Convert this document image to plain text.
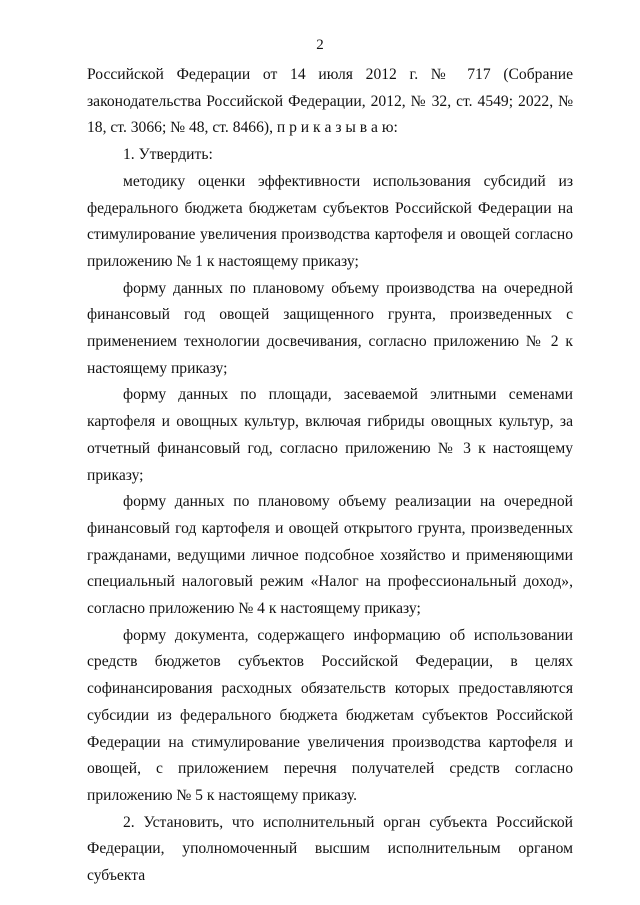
2

Российской Федерации от 14 июля 2012 г. № 717 (Собрание законодательства Российской Федерации, 2012, № 32, ст. 4549; 2022, № 18, ст. 3066; № 48, ст. 8466), п р и к а з ы в а ю:

1. Утвердить:

методику оценки эффективности использования субсидий из федерального бюджета бюджетам субъектов Российской Федерации на стимулирование увеличения производства картофеля и овощей согласно приложению № 1 к настоящему приказу;

форму данных по плановому объему производства на очередной финансовый год овощей защищенного грунта, произведенных с применением технологии досвечивания, согласно приложению № 2 к настоящему приказу;

форму данных по площади, засеваемой элитными семенами картофеля и овощных культур, включая гибриды овощных культур, за отчетный финансовый год, согласно приложению № 3 к настоящему приказу;

форму данных по плановому объему реализации на очередной финансовый год картофеля и овощей открытого грунта, произведенных гражданами, ведущими личное подсобное хозяйство и применяющими специальный налоговый режим «Налог на профессиональный доход», согласно приложению № 4 к настоящему приказу;

форму документа, содержащего информацию об использовании средств бюджетов субъектов Российской Федерации, в целях софинансирования расходных обязательств которых предоставляются субсидии из федерального бюджета бюджетам субъектов Российской Федерации на стимулирование увеличения производства картофеля и овощей, с приложением перечня получателей средств согласно приложению № 5 к настоящему приказу.

2. Установить, что исполнительный орган субъекта Российской Федерации, уполномоченный высшим исполнительным органом субъекта
